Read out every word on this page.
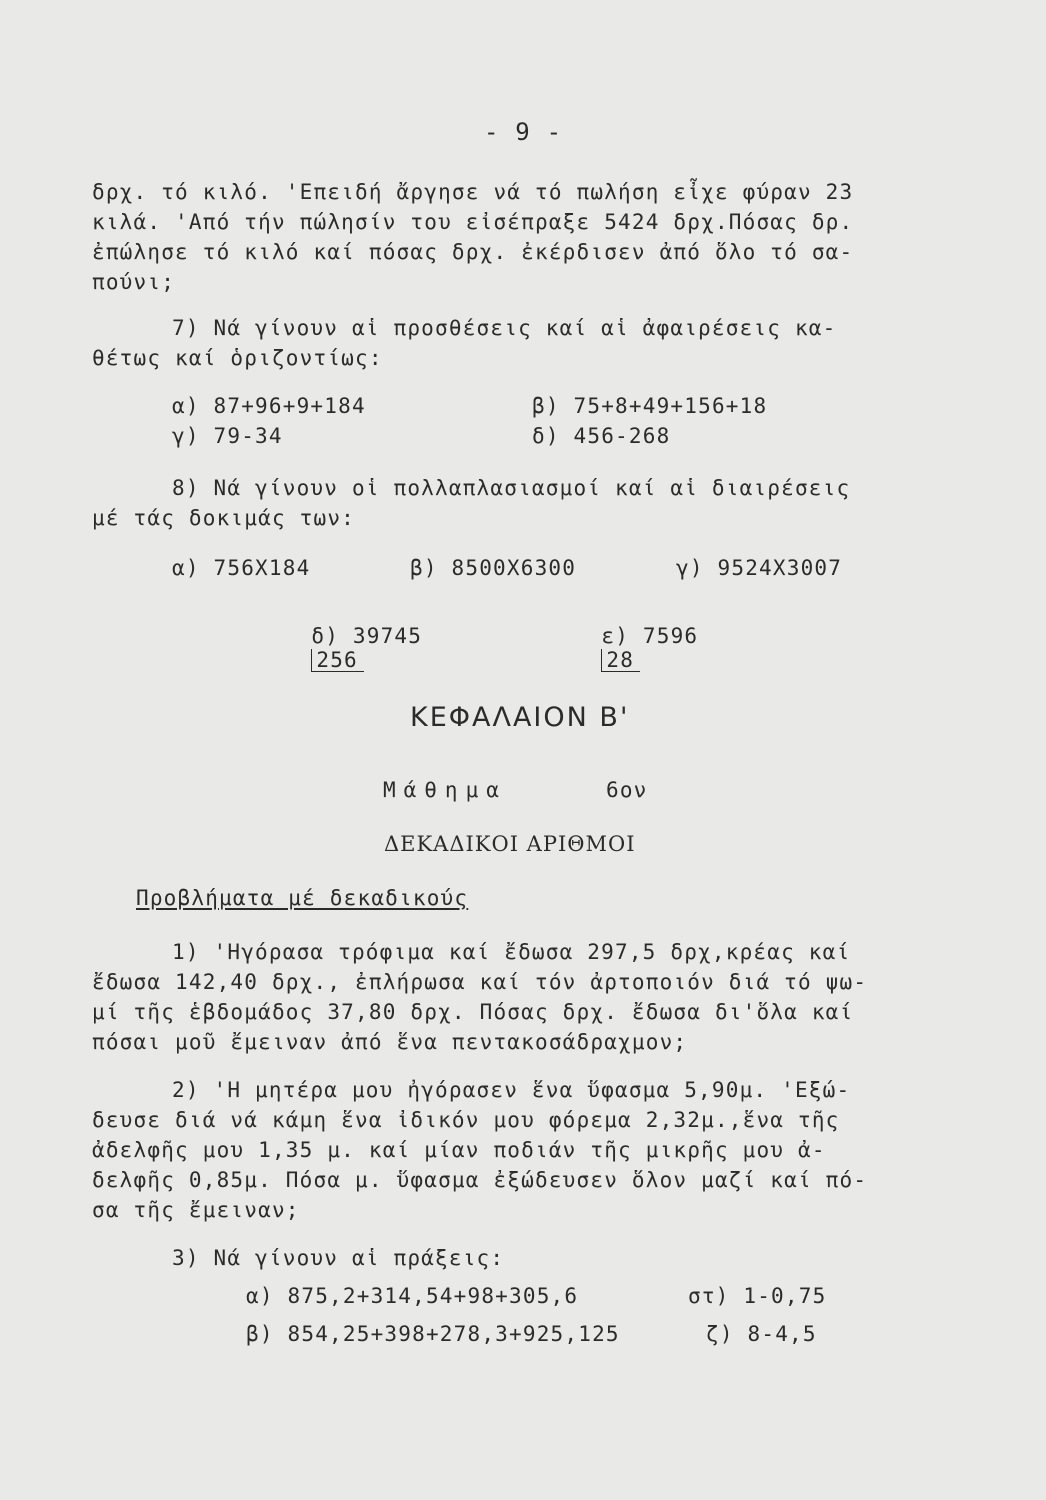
- 9 -
δρχ. τό κιλό. 'Επειδή ἄργησε νά τό πωλήση εἶχε φύραν 23
κιλά. 'Από τήν πώλησίν του εἰσέπραξε 5424 δρχ.Πόσας δρ.
ἐπώλησε τό κιλό καί πόσας δρχ. ἐκέρδισεν ἀπό ὅλο τό σα-
πούνι;
7) Νά γίνουν αἱ προσθέσεις καί αἱ ἀφαιρέσεις κα-
θέτως καί ὁριζοντίως:
α) 87+96+9+184	β) 75+8+49+156+18
γ) 79-34	δ) 456-268
8) Νά γίνουν οἱ πολλαπλασιασμοί καί αἱ διαιρέσεις
μέ τάς δοκιμάς των:
α) 756Χ184	β) 8500Χ6300	γ) 9524Χ3007

δ) 39745
256

ε) 7596
28

ΚΕΦΑΛΑΙΟΝ Β'
Μάθημα	6ον
ΔΕΚΑΔΙΚΟΙ ΑΡΙΘΜΟΙ
Προβλήματα μέ δεκαδικούς
1) 'Ηγόρασα τρόφιμα καί ἔδωσα 297,5 δρχ,κρέας καί
ἔδωσα 142,40 δρχ., ἐπλήρωσα καί τόν ἀρτοποιόν διά τό ψω-
μί τῆς ἑβδομάδος 37,80 δρχ. Πόσας δρχ. ἔδωσα δι'ὅλα καί
πόσαι μοῦ ἔμειναν ἀπό ἕνα πεντακοσάδραχμον;
2) 'Η μητέρα μου ἠγόρασεν ἕνα ὕφασμα 5,90μ. 'Εξώ-
δευσε διά νά κάμη ἕνα ἰδικόν μου φόρεμα 2,32μ.,ἕνα τῆς
ἀδελφῆς μου 1,35 μ. καί μίαν ποδιάν τῆς μικρῆς μου ἀ-
δελφῆς 0,85μ. Πόσα μ. ὕφασμα ἐξώδευσεν ὅλον μαζί καί πό-
σα τῆς ἔμειναν;
3) Νά γίνουν αἱ πράξεις:
α) 875,2+314,54+98+305,6	στ) 1-0,75
β) 854,25+398+278,3+925,125	ζ) 8-4,5
